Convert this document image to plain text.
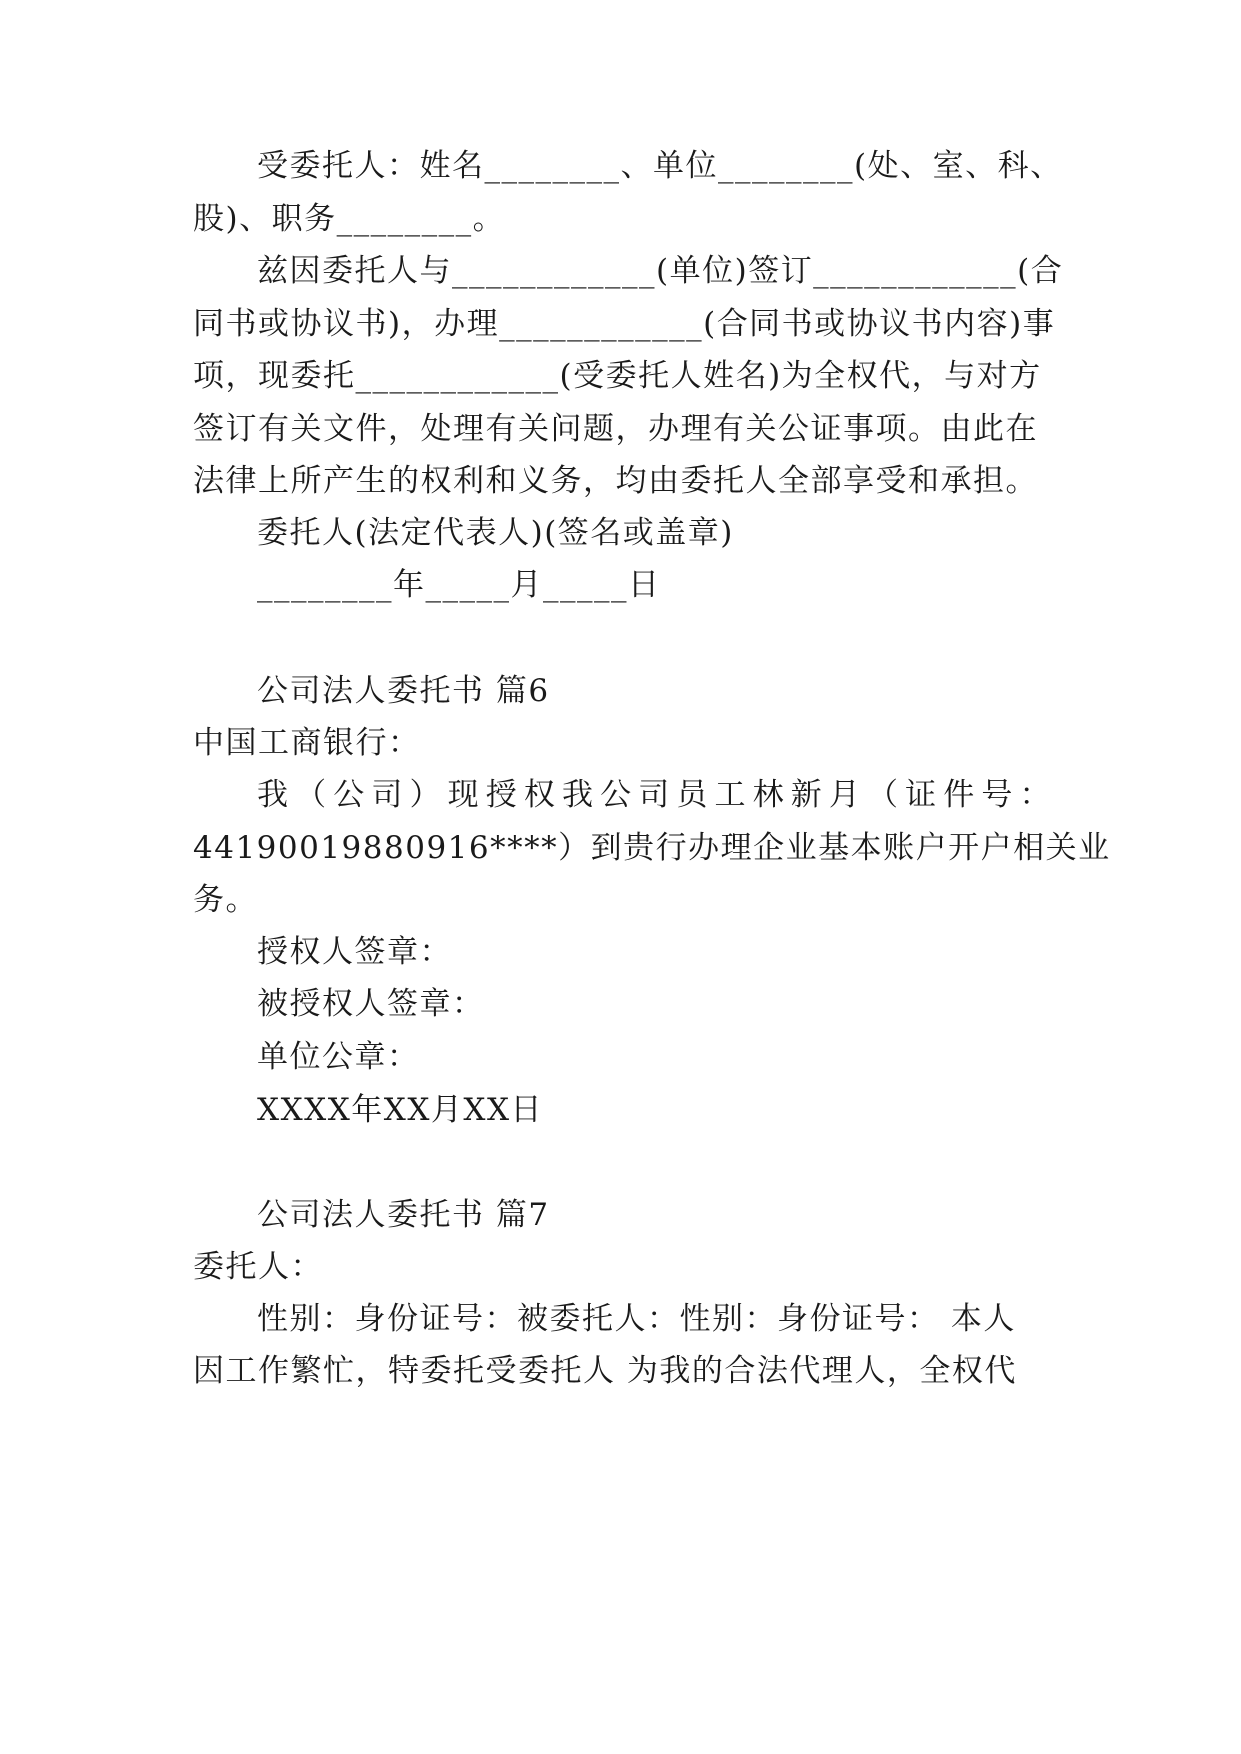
受委托人：姓名________、单位________(处、室、科、
股)、职务________。
兹因委托人与____________(单位)签订____________(合
同书或协议书)，办理____________(合同书或协议书内容)事
项，现委托____________(受委托人姓名)为全权代，与对方
签订有关文件，处理有关问题，办理有关公证事项。由此在
法律上所产生的权利和义务，均由委托人全部享受和承担。
委托人(法定代表人)(签名或盖章)
________年_____月_____日
公司法人委托书 篇6
中国工商银行：
我（公司）现授权我公司员工林新月（证件号：
44190019880916****）到贵行办理企业基本账户开户相关业
务。
授权人签章：
被授权人签章：
单位公章：
XXXX年XX月XX日
公司法人委托书 篇7
委托人：
性别：身份证号：被委托人：性别：身份证号： 本人
因工作繁忙，特委托受委托人 为我的合法代理人，全权代
